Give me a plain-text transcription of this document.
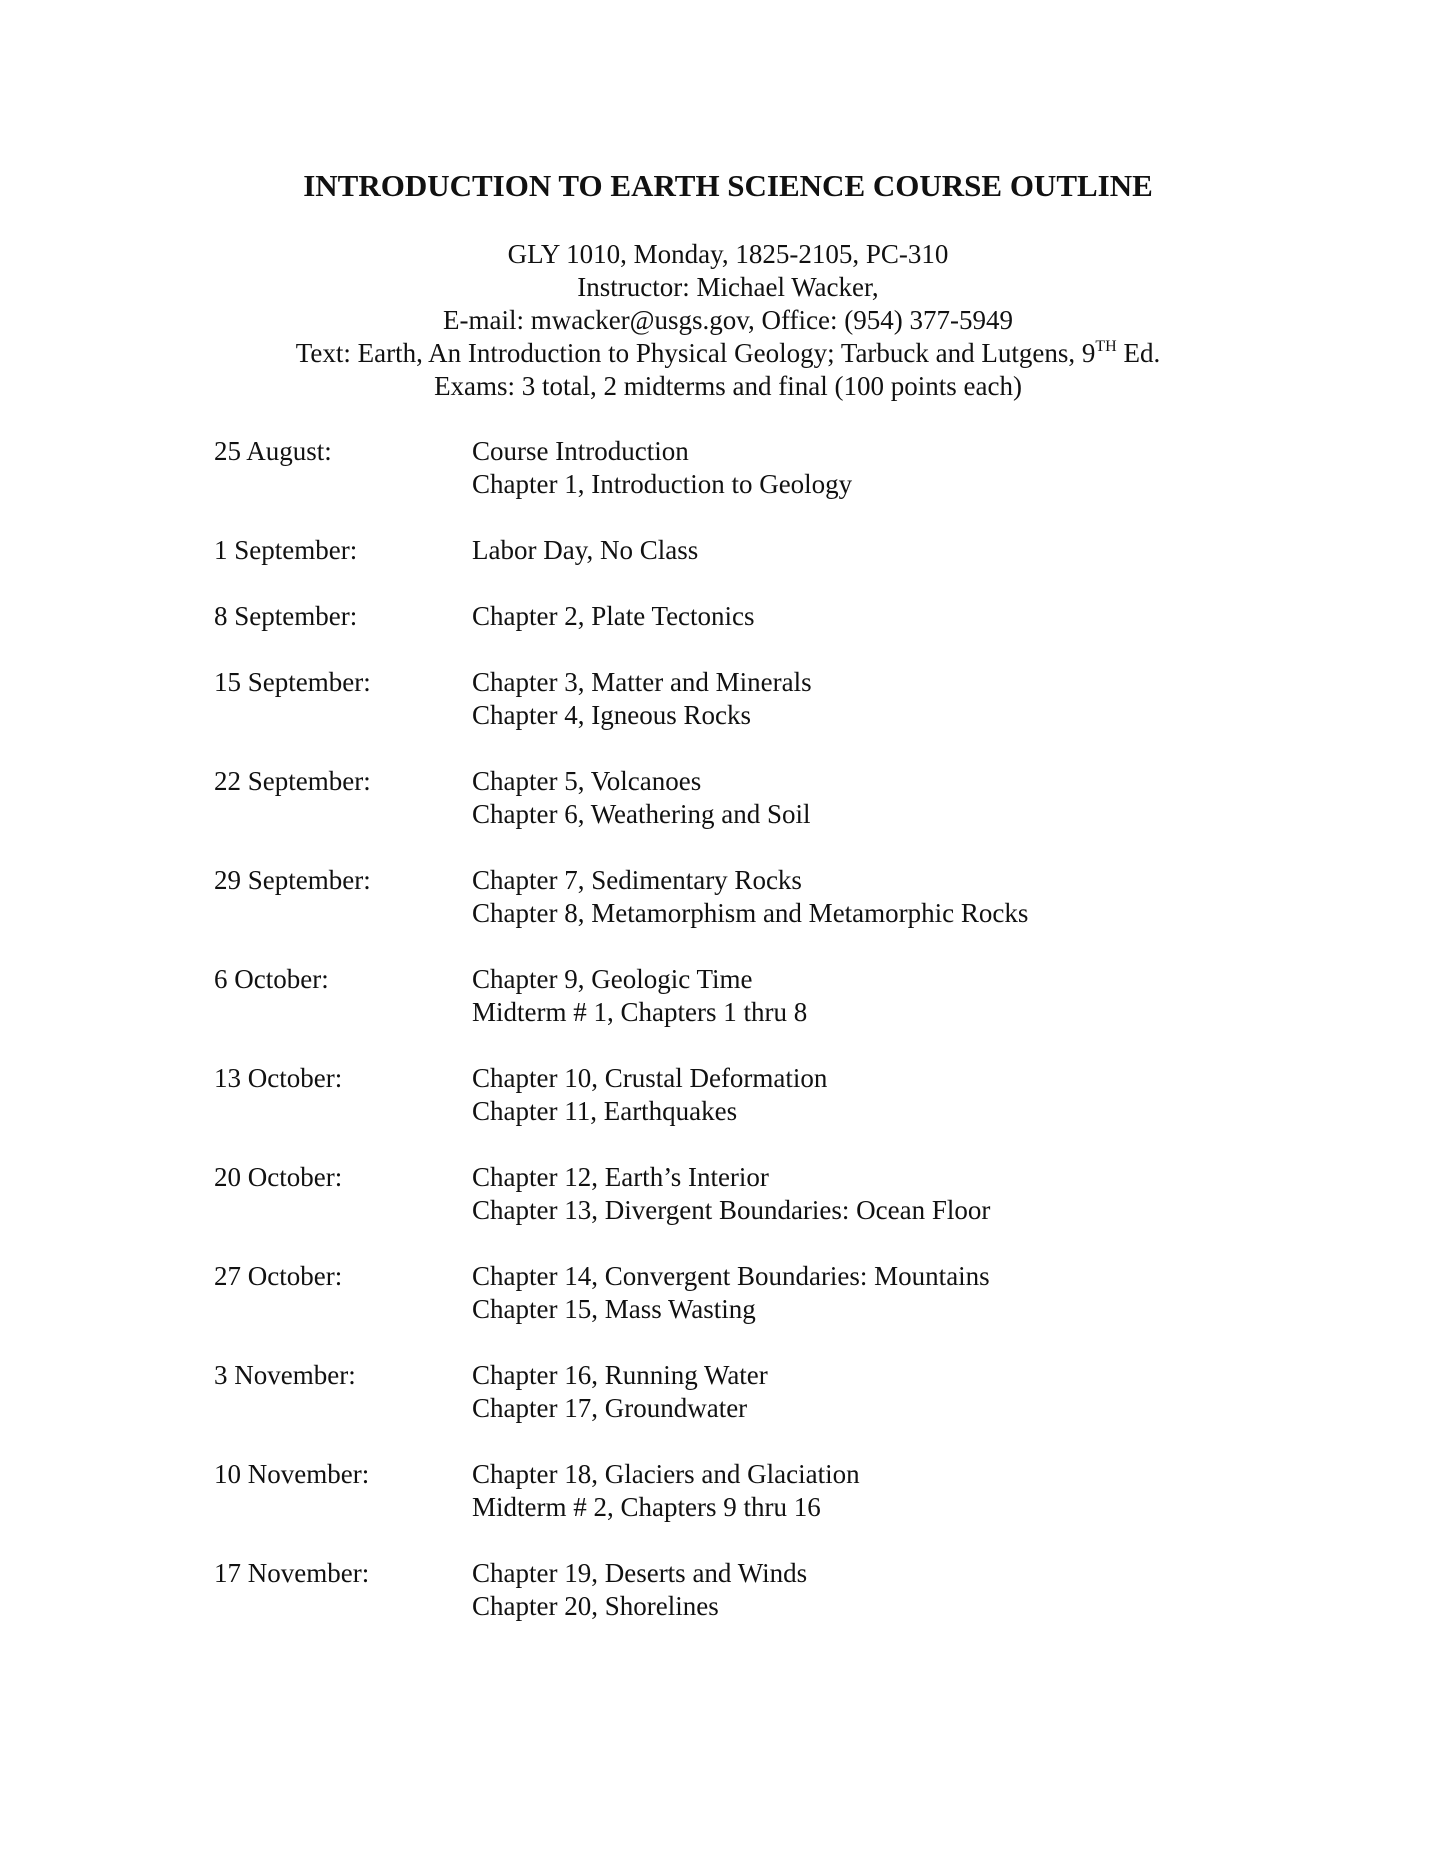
INTRODUCTION TO EARTH SCIENCE COURSE OUTLINE
GLY 1010, Monday, 1825-2105, PC-310
Instructor: Michael Wacker,
E-mail: mwacker@usgs.gov, Office: (954) 377-5949
Text: Earth, An Introduction to Physical Geology; Tarbuck and Lutgens, 9TH Ed.
Exams: 3 total, 2 midterms and final (100 points each)
25 August:	Course Introduction
Chapter 1, Introduction to Geology
1 September:	Labor Day, No Class
8 September:	Chapter 2, Plate Tectonics
15 September:	Chapter 3, Matter and Minerals
Chapter 4, Igneous Rocks
22 September:	Chapter 5, Volcanoes
Chapter 6, Weathering and Soil
29 September:	Chapter 7, Sedimentary Rocks
Chapter 8, Metamorphism and Metamorphic Rocks
6 October:	Chapter 9, Geologic Time
Midterm # 1, Chapters 1 thru 8
13 October:	Chapter 10, Crustal Deformation
Chapter 11, Earthquakes
20 October:	Chapter 12, Earth’s Interior
Chapter 13, Divergent Boundaries: Ocean Floor
27 October:	Chapter 14, Convergent Boundaries: Mountains
Chapter 15, Mass Wasting
3 November:	Chapter 16, Running Water
Chapter 17, Groundwater
10 November:	Chapter 18, Glaciers and Glaciation
Midterm # 2, Chapters 9 thru 16
17 November:	Chapter 19, Deserts and Winds
Chapter 20, Shorelines
